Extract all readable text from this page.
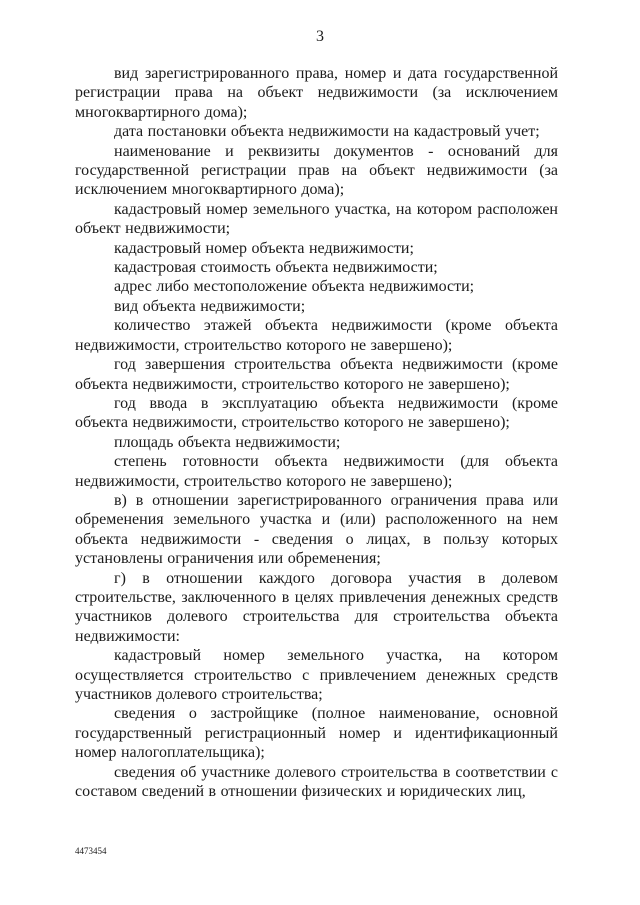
3

вид зарегистрированного права, номер и дата государственной регистрации права на объект недвижимости (за исключением многоквартирного дома);

дата постановки объекта недвижимости на кадастровый учет;

наименование и реквизиты документов - оснований для государственной регистрации прав на объект недвижимости (за исключением многоквартирного дома);

кадастровый номер земельного участка, на котором расположен объект недвижимости;

кадастровый номер объекта недвижимости;

кадастровая стоимость объекта недвижимости;

адрес либо местоположение объекта недвижимости;

вид объекта недвижимости;

количество этажей объекта недвижимости (кроме объекта недвижимости, строительство которого не завершено);

год завершения строительства объекта недвижимости (кроме объекта недвижимости, строительство которого не завершено);

год ввода в эксплуатацию объекта недвижимости (кроме объекта недвижимости, строительство которого не завершено);

площадь объекта недвижимости;

степень готовности объекта недвижимости (для объекта недвижимости, строительство которого не завершено);

в) в отношении зарегистрированного ограничения права или обременения земельного участка и (или) расположенного на нем объекта недвижимости - сведения о лицах, в пользу которых установлены ограничения или обременения;

г) в отношении каждого договора участия в долевом строительстве, заключенного в целях привлечения денежных средств участников долевого строительства для строительства объекта недвижимости:

кадастровый номер земельного участка, на котором осуществляется строительство с привлечением денежных средств участников долевого строительства;

сведения о застройщике (полное наименование, основной государственный регистрационный номер и идентификационный номер налогоплательщика);

сведения об участнике долевого строительства в соответствии с составом сведений в отношении физических и юридических лиц,

4473454
